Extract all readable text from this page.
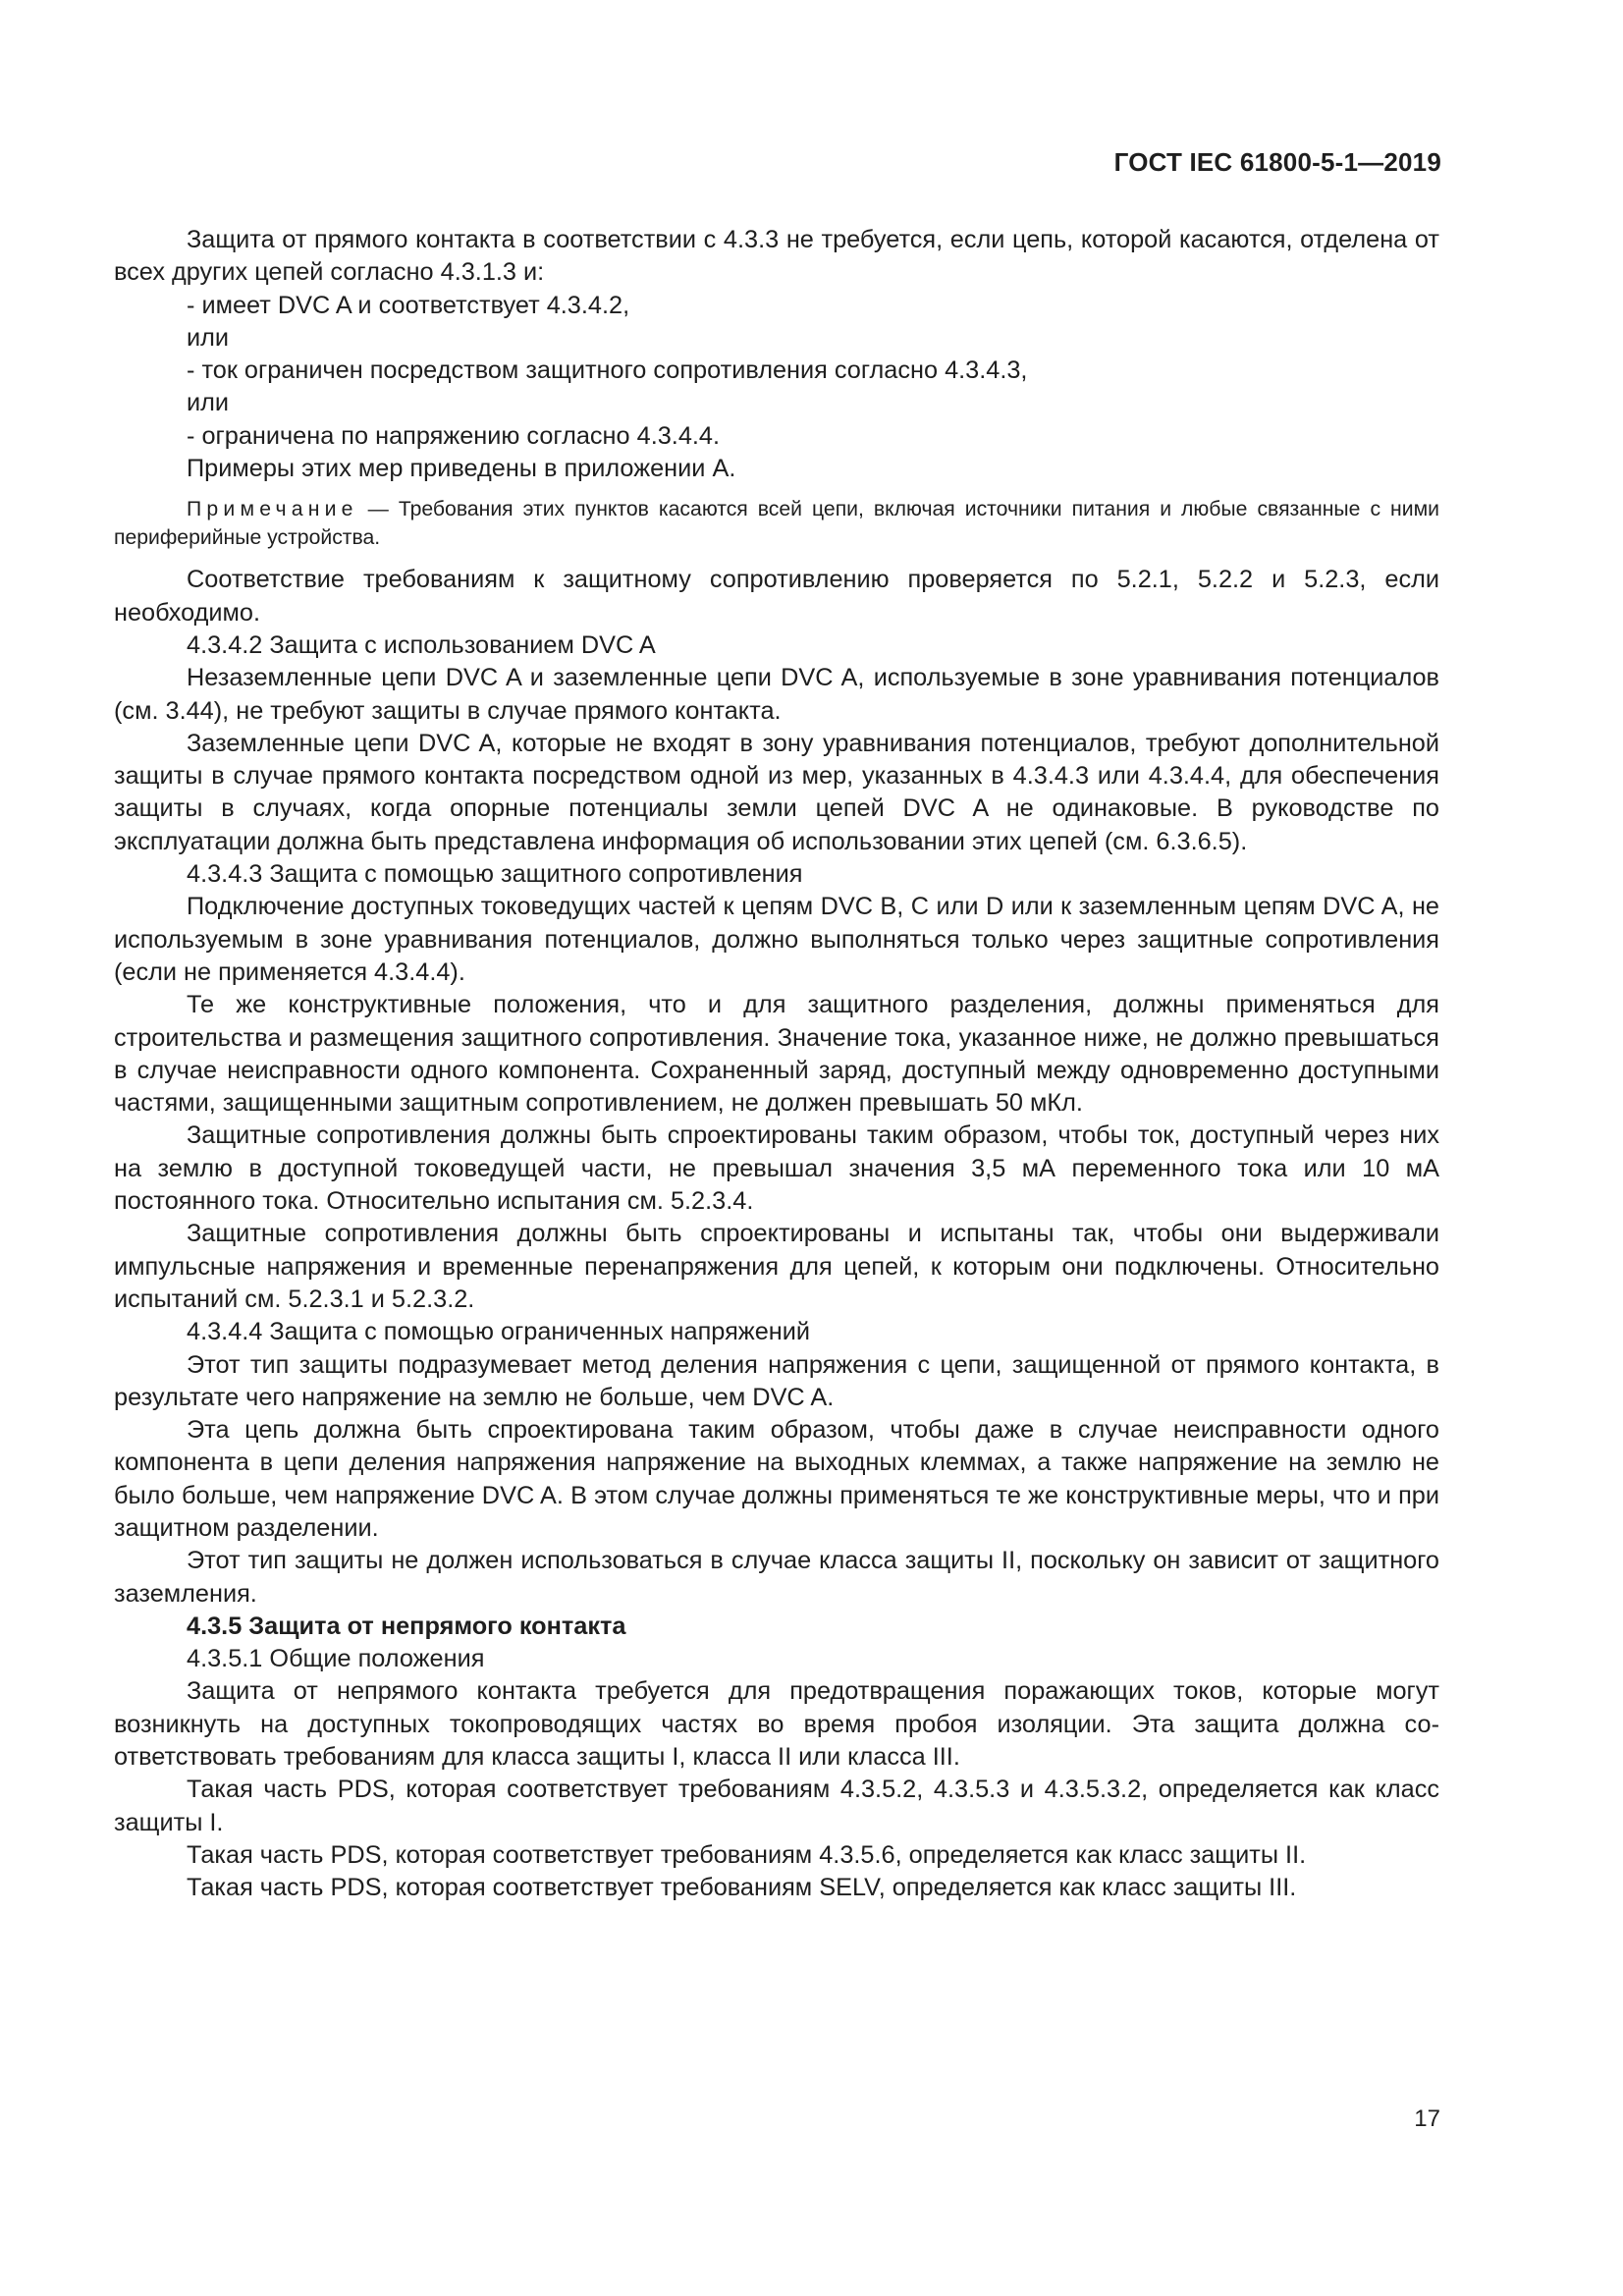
ГОСТ IEC 61800-5-1—2019

Защита от прямого контакта в соответствии с 4.3.3 не требуется, если цепь, которой касаются, отделена от всех других цепей согласно 4.3.1.3 и:

- имеет DVC A и соответствует 4.3.4.2,

или

- ток ограничен посредством защитного сопротивления согласно 4.3.4.3,

или

- ограничена по напряжению согласно 4.3.4.4.

Примеры этих мер приведены в приложении А.

Примечание — Требования этих пунктов касаются всей цепи, включая источники питания и любые связанные с ними периферийные устройства.

Соответствие требованиям к защитному сопротивлению проверяется по 5.2.1, 5.2.2 и 5.2.3, если необходимо.

4.3.4.2 Защита с использованием DVC A

Незаземленные цепи DVC A и заземленные цепи DVC A, используемые в зоне уравнивания потенциалов (см. 3.44), не требуют защиты в случае прямого контакта.

Заземленные цепи DVC A, которые не входят в зону уравнивания потенциалов, требуют дополнительной защиты в случае прямого контакта посредством одной из мер, указанных в 4.3.4.3 или 4.3.4.4, для обеспечения защиты в случаях, когда опорные потенциалы земли цепей DVC A не одинаковые. В руководстве по эксплуатации должна быть представлена информация об использовании этих цепей (см. 6.3.6.5).

4.3.4.3 Защита с помощью защитного сопротивления

Подключение доступных токоведущих частей к цепям DVC B, C или D или к заземленным цепям DVC A, не используемым в зоне уравнивания потенциалов, должно выполняться только через защитные сопротивления (если не применяется 4.3.4.4).

Те же конструктивные положения, что и для защитного разделения, должны применяться для строительства и размещения защитного сопротивления. Значение тока, указанное ниже, не должно превышаться в случае неисправности одного компонента. Сохраненный заряд, доступный между одновременно доступными частями, защищенными защитным сопротивлением, не должен превышать 50 мКл.

Защитные сопротивления должны быть спроектированы таким образом, чтобы ток, доступный через них на землю в доступной токоведущей части, не превышал значения 3,5 мА переменного тока или 10 мА постоянного тока. Относительно испытания см. 5.2.3.4.

Защитные сопротивления должны быть спроектированы и испытаны так, чтобы они выдерживали импульсные напряжения и временные перенапряжения для цепей, к которым они подключены. Относительно испытаний см. 5.2.3.1 и 5.2.3.2.

4.3.4.4 Защита с помощью ограниченных напряжений

Этот тип защиты подразумевает метод деления напряжения с цепи, защищенной от прямого контакта, в результате чего напряжение на землю не больше, чем DVC A.

Эта цепь должна быть спроектирована таким образом, чтобы даже в случае неисправности одного компонента в цепи деления напряжения напряжение на выходных клеммах, а также напряжение на землю не было больше, чем напряжение DVC A. В этом случае должны применяться те же конструктивные меры, что и при защитном разделении.

Этот тип защиты не должен использоваться в случае класса защиты II, поскольку он зависит от защитного заземления.

4.3.5 Защита от непрямого контакта

4.3.5.1 Общие положения

Защита от непрямого контакта требуется для предотвращения поражающих токов, которые могут возникнуть на доступных токопроводящих частях во время пробоя изоляции. Эта защита должна соответствовать требованиям для класса защиты I, класса II или класса III.

Такая часть PDS, которая соответствует требованиям 4.3.5.2, 4.3.5.3 и 4.3.5.3.2, определяется как класс защиты I.

Такая часть PDS, которая соответствует требованиям 4.3.5.6, определяется как класс защиты II.

Такая часть PDS, которая соответствует требованиям SELV, определяется как класс защиты III.

17
